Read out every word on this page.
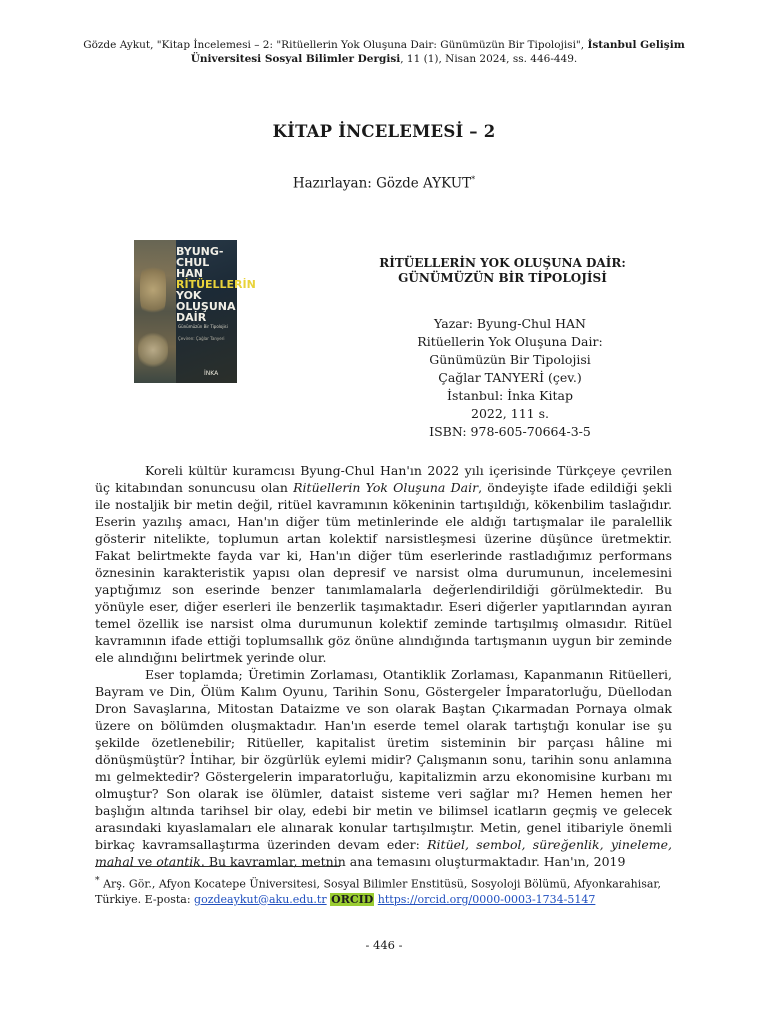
Gözde Aykut, "Kitap İncelemesi – 2: "Ritüellerin Yok Oluşuna Dair: Günümüzün Bir Tipolojisi", İstanbul Gelişim Üniversitesi Sosyal Bilimler Dergisi, 11 (1), Nisan 2024, ss. 446-449.
KİTAP İNCELEMESİ – 2
Hazırlayan: Gözde AYKUT*
BYUNG-
CHUL
HAN
RİTÜELLERİN
YOK
OLUŞUNA
DAİR
Günümüzün Bir Tipolojisi
Çeviren: Çağlar Tanyeri
İNKA
RİTÜELLERİN YOK OLUŞUNA DAİR:
GÜNÜMÜZÜN BİR TİPOLOJİSİ
Yazar: Byung-Chul HAN
Ritüellerin Yok Oluşuna Dair:
Günümüzün Bir Tipolojisi
Çağlar TANYERİ (çev.)
İstanbul: İnka Kitap
2022, 111 s.
ISBN: 978-605-70664-3-5

Koreli kültür kuramcısı Byung-Chul Han'ın 2022 yılı içerisinde Türkçeye çevrilen üç kitabından sonuncusu olan Ritüellerin Yok Oluşuna Dair, öndeyişte ifade edildiği şekli ile nostaljik bir metin değil, ritüel kavramının kökeninin tartışıldığı, kökenbilim taslağıdır. Eserin yazılış amacı, Han'ın diğer tüm metinlerinde ele aldığı tartışmalar ile paralellik gösterir nitelikte, toplumun artan kolektif narsistleşmesi üzerine düşünce üretmektir. Fakat belirtmekte fayda var ki, Han'ın diğer tüm eserlerinde rastladığımız performans öznesinin karakteristik yapısı olan depresif ve narsist olma durumunun, incelemesini yaptığımız son eserinde benzer tanımlamalarla değerlendirildiği görülmektedir. Bu yönüyle eser, diğer eserleri ile benzerlik taşımaktadır. Eseri diğerler yapıtlarından ayıran temel özellik ise narsist olma durumunun kolektif zeminde tartışılmış olmasıdır. Ritüel kavramının ifade ettiği toplumsallık göz önüne alındığında tartışmanın uygun bir zeminde ele alındığını belirtmek yerinde olur.

Eser toplamda; Üretimin Zorlaması, Otantiklik Zorlaması, Kapanmanın Ritüelleri, Bayram ve Din, Ölüm Kalım Oyunu, Tarihin Sonu, Göstergeler İmparatorluğu, Düellodan Dron Savaşlarına, Mitostan Dataizme ve son olarak Baştan Çıkarmadan Pornaya olmak üzere on bölümden oluşmaktadır. Han'ın eserde temel olarak tartıştığı konular ise şu şekilde özetlenebilir; Ritüeller, kapitalist üretim sisteminin bir parçası hâline mi dönüşmüştür? İntihar, bir özgürlük eylemi midir? Çalışmanın sonu, tarihin sonu anlamına mı gelmektedir? Göstergelerin imparatorluğu, kapitalizmin arzu ekonomisine kurbanı mı olmuştur? Son olarak ise ölümler, dataist sisteme veri sağlar mı? Hemen hemen her başlığın altında tarihsel bir olay, edebi bir metin ve bilimsel icatların geçmiş ve gelecek arasındaki kıyaslamaları ele alınarak konular tartışılmıştır. Metin, genel itibariyle önemli birkaç kavramsallaştırma üzerinden devam eder: Ritüel, sembol, süreğenlik, yineleme, mahal ve otantik. Bu kavramlar, metnin ana temasını oluşturmaktadır. Han'ın, 2019

* Arş. Gör., Afyon Kocatepe Üniversitesi, Sosyal Bilimler Enstitüsü, Sosyoloji Bölümü, Afyonkarahisar, Türkiye. E-posta: gozdeaykut@aku.edu.tr ORCID https://orcid.org/0000-0003-1734-5147
- 446 -
